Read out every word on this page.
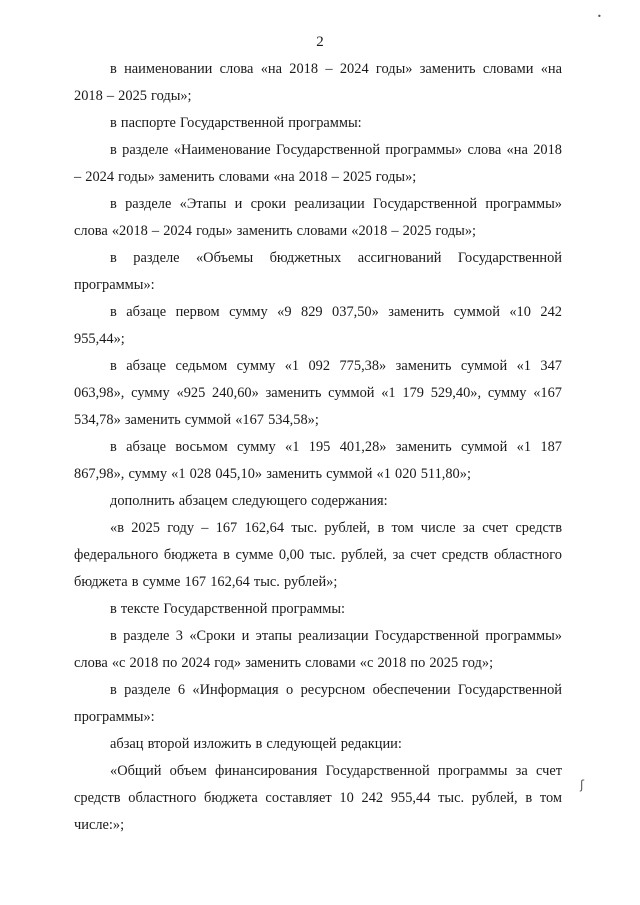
•
2

в наименовании слова «на 2018 – 2024 годы» заменить словами «на 2018 – 2025 годы»;

в паспорте Государственной программы:

в разделе «Наименование Государственной программы» слова «на 2018 – 2024 годы» заменить словами «на 2018 – 2025 годы»;

в разделе «Этапы и сроки реализации Государственной программы» слова «2018 – 2024 годы» заменить словами «2018 – 2025 годы»;

в разделе «Объемы бюджетных ассигнований Государственной программы»:

в абзаце первом сумму «9 829 037,50» заменить суммой «10 242 955,44»;

в абзаце седьмом сумму «1 092 775,38» заменить суммой «1 347 063,98», сумму «925 240,60» заменить суммой «1 179 529,40», сумму «167 534,78» заменить суммой «167 534,58»;

в абзаце восьмом сумму «1 195 401,28» заменить суммой «1 187 867,98», сумму «1 028 045,10» заменить суммой «1 020 511,80»;

дополнить абзацем следующего содержания:

«в 2025 году – 167 162,64 тыс. рублей, в том числе за счет средств федерального бюджета в сумме 0,00 тыс. рублей, за счет средств областного бюджета в сумме 167 162,64 тыс. рублей»;

в тексте Государственной программы:

в разделе 3 «Сроки и этапы реализации Государственной программы» слова «с 2018 по 2024 год» заменить словами «с 2018 по 2025 год»;

в разделе 6 «Информация о ресурсном обеспечении Государственной программы»:

абзац второй изложить в следующей редакции:

«Общий объем финансирования Государственной программы за счет средств областного бюджета составляет 10 242 955,44 тыс. рублей, в том числе:»;

ʃ
